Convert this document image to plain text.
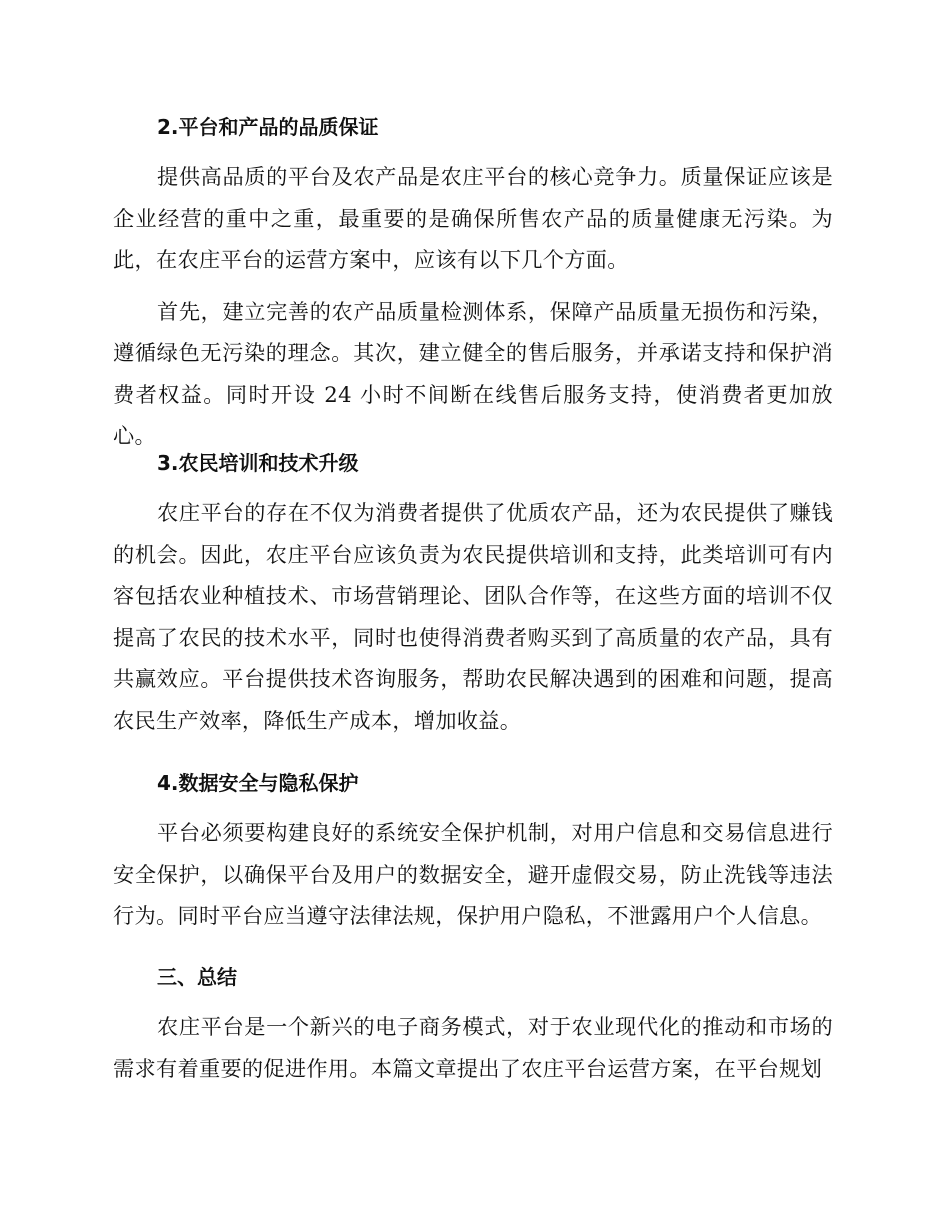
2.平台和产品的品质保证

提供高品质的平台及农产品是农庄平台的核心竞争力。质量保证应该是企业经营的重中之重，最重要的是确保所售农产品的质量健康无污染。为此，在农庄平台的运营方案中，应该有以下几个方面。

首先，建立完善的农产品质量检测体系，保障产品质量无损伤和污染，遵循绿色无污染的理念。其次，建立健全的售后服务，并承诺支持和保护消费者权益。同时开设 24 小时不间断在线售后服务支持，使消费者更加放心。

3.农民培训和技术升级

农庄平台的存在不仅为消费者提供了优质农产品，还为农民提供了赚钱的机会。因此，农庄平台应该负责为农民提供培训和支持，此类培训可有内容包括农业种植技术、市场营销理论、团队合作等，在这些方面的培训不仅提高了农民的技术水平，同时也使得消费者购买到了高质量的农产品，具有共赢效应。平台提供技术咨询服务，帮助农民解决遇到的困难和问题，提高农民生产效率，降低生产成本，增加收益。

4.数据安全与隐私保护

平台必须要构建良好的系统安全保护机制，对用户信息和交易信息进行安全保护，以确保平台及用户的数据安全，避开虚假交易，防止洗钱等违法行为。同时平台应当遵守法律法规，保护用户隐私，不泄露用户个人信息。

三、总结

农庄平台是一个新兴的电子商务模式，对于农业现代化的推动和市场的需求有着重要的促进作用。本篇文章提出了农庄平台运营方案，在平台规划
